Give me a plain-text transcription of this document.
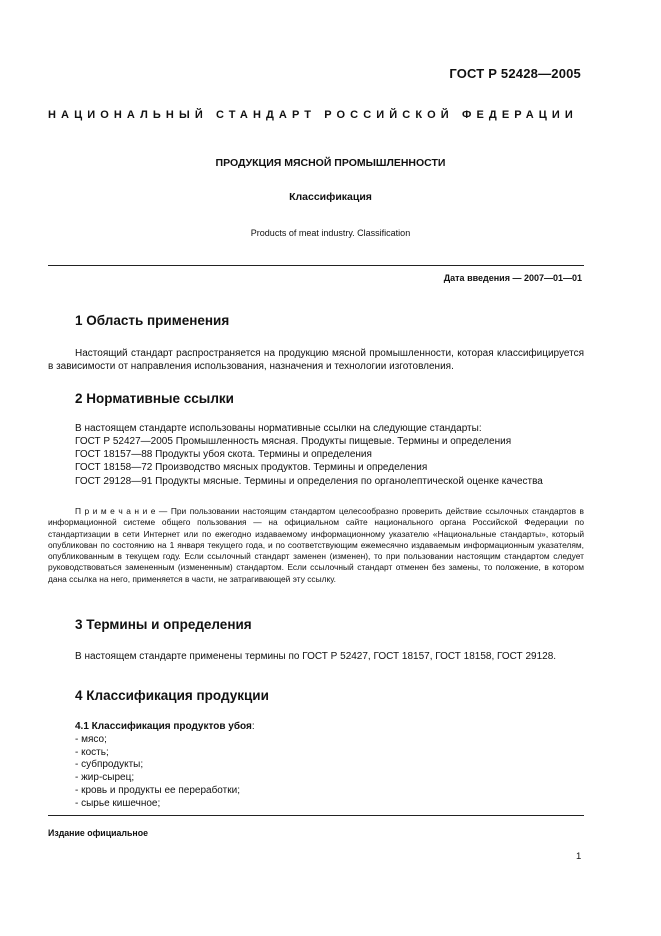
ГОСТ Р 52428—2005
НАЦИОНАЛЬНЫЙ СТАНДАРТ РОССИЙСКОЙ ФЕДЕРАЦИИ
ПРОДУКЦИЯ МЯСНОЙ ПРОМЫШЛЕННОСТИ
Классификация
Products of meat industry. Classification
Дата введения — 2007—01—01
1 Область применения
Настоящий стандарт распространяется на продукцию мясной промышленности, которая классифицируется в зависимости от направления использования, назначения и технологии изготовления.
2 Нормативные ссылки
В настоящем стандарте использованы нормативные ссылки на следующие стандарты:
ГОСТ Р 52427—2005 Промышленность мясная. Продукты пищевые. Термины и определения
ГОСТ 18157—88 Продукты убоя скота. Термины и определения
ГОСТ 18158—72 Производство мясных продуктов. Термины и определения
ГОСТ 29128—91 Продукты мясные. Термины и определения по органолептической оценке качества
П р и м е ч а н и е — При пользовании настоящим стандартом целесообразно проверить действие ссылочных стандартов в информационной системе общего пользования — на официальном сайте национального органа Российской Федерации по стандартизации в сети Интернет или по ежегодно издаваемому информационному указателю «Национальные стандарты», который опубликован по состоянию на 1 января текущего года, и по соответствующим ежемесячно издаваемым информационным указателям, опубликованным в текущем году. Если ссылочный стандарт заменен (изменен), то при пользовании настоящим стандартом следует руководствоваться замененным (измененным) стандартом. Если ссылочный стандарт отменен без замены, то положение, в котором дана ссылка на него, применяется в части, не затрагивающей эту ссылку.
3 Термины и определения
В настоящем стандарте применены термины по ГОСТ Р 52427, ГОСТ 18157, ГОСТ 18158, ГОСТ 29128.
4 Классификация продукции
4.1 Классификация продуктов убоя:
- мясо;
- кость;
- субпродукты;
- жир-сырец;
- кровь и продукты ее переработки;
- сырье кишечное;
Издание официальное
1
